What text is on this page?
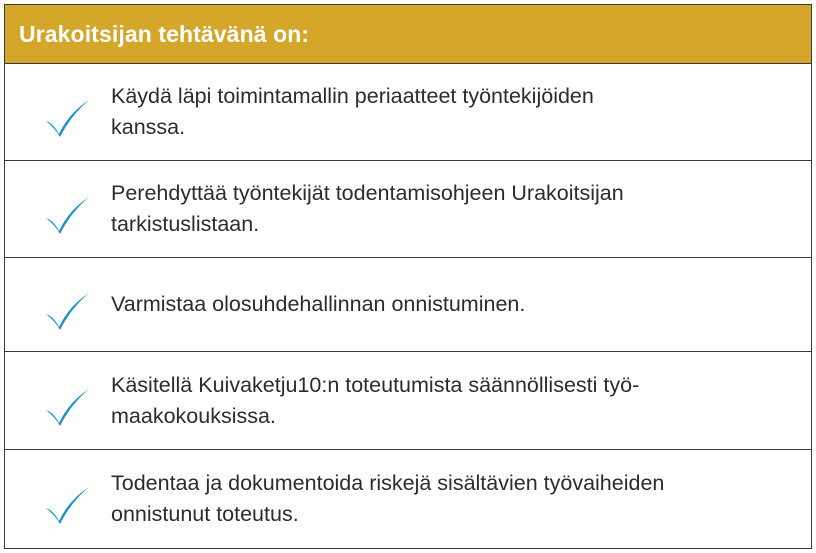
Urakoitsijan tehtävänä on:
Käydä läpi toimintamallin periaatteet työntekijöiden
kanssa.
Perehdyttää työntekijät todentamisohjeen Urakoitsijan
tarkistuslistaan.
Varmistaa olosuhdehallinnan onnistuminen.
Käsitellä Kuivaketju10:n toteutumista säännöllisesti työ-
maakokouksissa.
Todentaa ja dokumentoida riskejä sisältävien työvaiheiden
onnistunut toteutus.
